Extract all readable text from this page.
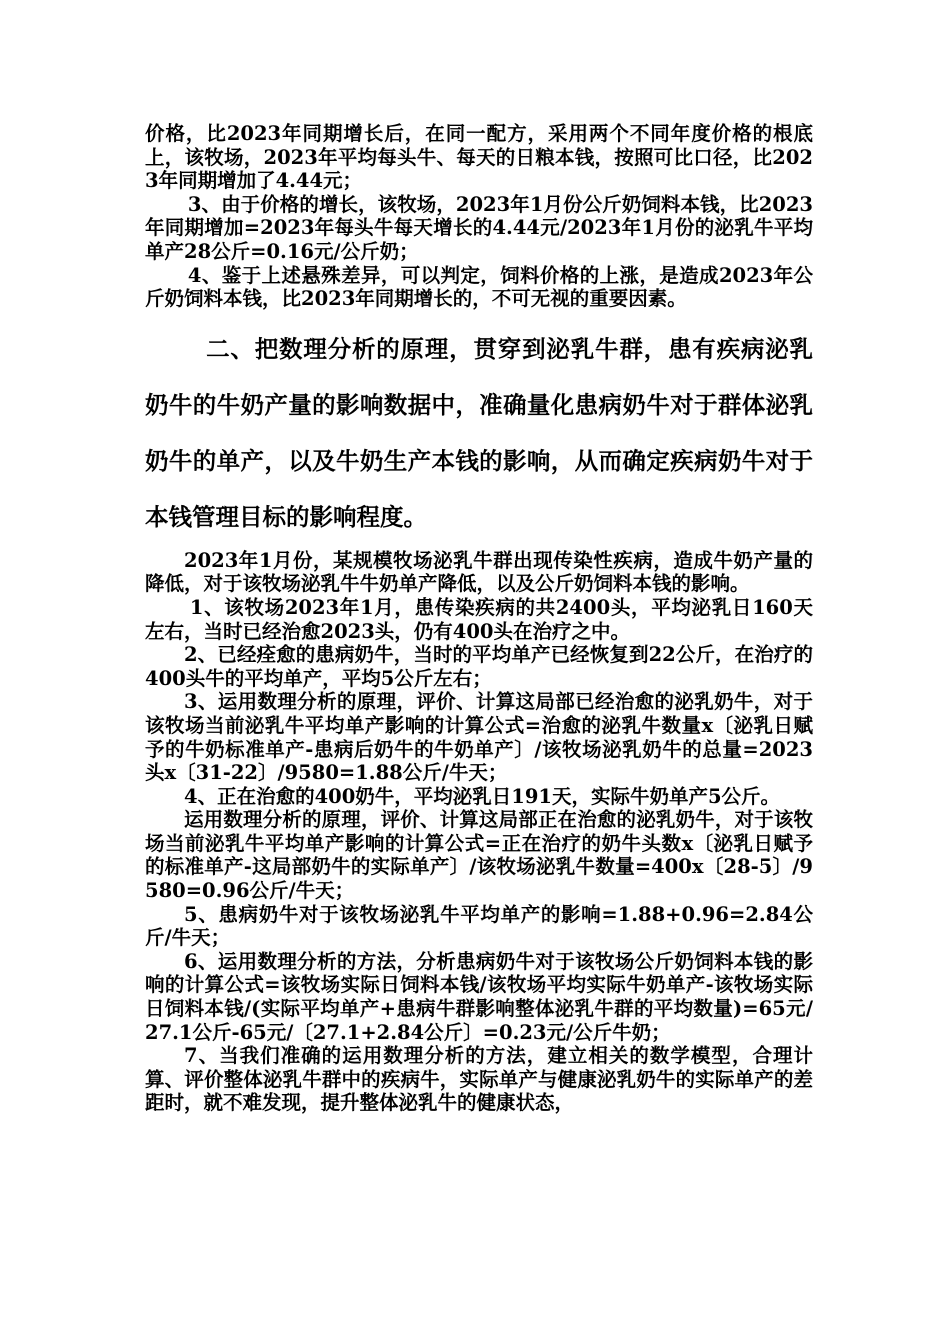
价格，比2023年同期增长后，在同一配方，采用两个不同年度价格的根底上，该牧场，2023年平均每头牛、每天的日粮本钱，按照可比口径，比2023年同期增加了4.44元；

3、由于价格的增长，该牧场，2023年1月份公斤奶饲料本钱，比2023年同期增加=2023年每头牛每天增长的4.44元/2023年1月份的泌乳牛平均单产28公斤=0.16元/公斤奶；

4、鉴于上述悬殊差异，可以判定，饲料价格的上涨，是造成2023年公斤奶饲料本钱，比2023年同期增长的，不可无视的重要因素。

二、把数理分析的原理，贯穿到泌乳牛群，患有疾病泌乳奶牛的牛奶产量的影响数据中，准确量化患病奶牛对于群体泌乳奶牛的单产，以及牛奶生产本钱的影响，从而确定疾病奶牛对于本钱管理目标的影响程度。

2023年1月份，某规模牧场泌乳牛群出现传染性疾病，造成牛奶产量的降低，对于该牧场泌乳牛牛奶单产降低，以及公斤奶饲料本钱的影响。

1、该牧场2023年1月，患传染疾病的共2400头，平均泌乳日160天左右，当时已经治愈2023头，仍有400头在治疗之中。

2、已经痊愈的患病奶牛，当时的平均单产已经恢复到22公斤，在治疗的400头牛的平均单产，平均5公斤左右；

3、运用数理分析的原理，评价、计算这局部已经治愈的泌乳奶牛，对于该牧场当前泌乳牛平均单产影响的计算公式=治愈的泌乳牛数量x〔泌乳日赋予的牛奶标准单产-患病后奶牛的牛奶单产〕/该牧场泌乳奶牛的总量=2023头x〔31-22〕/9580=1.88公斤/牛天；

4、正在治愈的400奶牛，平均泌乳日191天，实际牛奶单产5公斤。

运用数理分析的原理，评价、计算这局部正在治愈的泌乳奶牛，对于该牧场当前泌乳牛平均单产影响的计算公式=正在治疗的奶牛头数x〔泌乳日赋予的标准单产-这局部奶牛的实际单产〕/该牧场泌乳牛数量=400x〔28-5〕/9580=0.96公斤/牛天；

5、患病奶牛对于该牧场泌乳牛平均单产的影响=1.88+0.96=2.84公斤/牛天；

6、运用数理分析的方法，分析患病奶牛对于该牧场公斤奶饲料本钱的影响的计算公式=该牧场实际日饲料本钱/该牧场平均实际牛奶单产-该牧场实际日饲料本钱/(实际平均单产+患病牛群影响整体泌乳牛群的平均数量)=65元/27.1公斤-65元/〔27.1+2.84公斤〕=0.23元/公斤牛奶；

7、当我们准确的运用数理分析的方法，建立相关的数学模型，合理计算、评价整体泌乳牛群中的疾病牛，实际单产与健康泌乳奶牛的实际单产的差距时，就不难发现，提升整体泌乳牛的健康状态，
